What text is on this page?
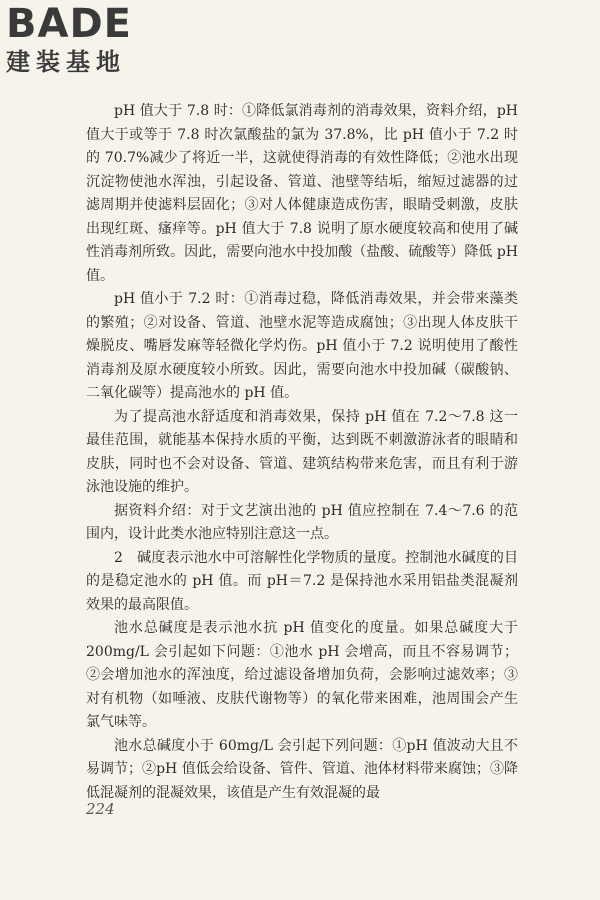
BADE
建装基地

pH 值大于 7.8 时：①降低氯消毒剂的消毒效果，资料介绍，pH 值大于或等于 7.8 时次氯酸盐的氯为 37.8%，比 pH 值小于 7.2 时的 70.7%减少了将近一半，这就使得消毒的有效性降低；②池水出现沉淀物使池水浑浊，引起设备、管道、池壁等结垢，缩短过滤器的过滤周期并使滤料层固化；③对人体健康造成伤害，眼睛受刺激，皮肤出现红斑、瘙痒等。pH 值大于 7.8 说明了原水硬度较高和使用了碱性消毒剂所致。因此，需要向池水中投加酸（盐酸、硫酸等）降低 pH 值。

pH 值小于 7.2 时：①消毒过稳，降低消毒效果，并会带来藻类的繁殖；②对设备、管道、池壁水泥等造成腐蚀；③出现人体皮肤干燥脱皮、嘴唇发麻等轻微化学灼伤。pH 值小于 7.2 说明使用了酸性消毒剂及原水硬度较小所致。因此，需要向池水中投加碱（碳酸钠、二氧化碳等）提高池水的 pH 值。

为了提高池水舒适度和消毒效果，保持 pH 值在 7.2～7.8 这一最佳范围，就能基本保持水质的平衡，达到既不刺激游泳者的眼睛和皮肤，同时也不会对设备、管道、建筑结构带来危害，而且有利于游泳池设施的维护。

据资料介绍：对于文艺演出池的 pH 值应控制在 7.4～7.6 的范围内，设计此类水池应特别注意这一点。

2　碱度表示池水中可溶解性化学物质的量度。控制池水碱度的目的是稳定池水的 pH 值。而 pH＝7.2 是保持池水采用铝盐类混凝剂效果的最高限值。

池水总碱度是表示池水抗 pH 值变化的度量。如果总碱度大于 200mg/L 会引起如下问题：①池水 pH 会增高，而且不容易调节；②会增加池水的浑浊度，给过滤设备增加负荷，会影响过滤效率；③对有机物（如唾液、皮肤代谢物等）的氧化带来困难，池周围会产生氯气味等。

池水总碱度小于 60mg/L 会引起下列问题：①pH 值波动大且不易调节；②pH 值低会给设备、管件、管道、池体材料带来腐蚀；③降低混凝剂的混凝效果，该值是产生有效混凝的最

224
